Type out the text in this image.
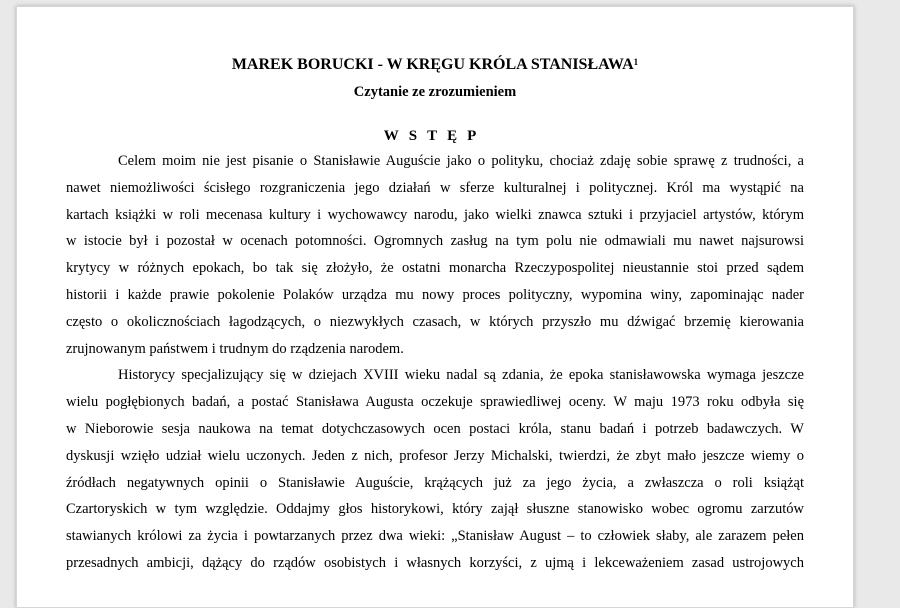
MAREK BORUCKI - W KRĘGU KRÓLA STANISŁAWA$^1$

Czytanie ze zrozumieniem

WSTĘP

Celem moim nie jest pisanie o Stanisławie Auguście jako o polityku, chociaż zdaję sobie sprawę z trudności, a
nawet niemożliwości ścisłego rozgraniczenia jego działań w sferze kulturalnej i politycznej. Król ma wystąpić na
kartach książki w roli mecenasa kultury i wychowawcy narodu, jako wielki znawca sztuki i przyjaciel artystów, którym
w istocie był i pozostał w ocenach potomności. Ogromnych zasług na tym polu nie odmawiali mu nawet najsurowsi
krytycy w różnych epokach, bo tak się złożyło, że ostatni monarcha Rzeczypospolitej nieustannie stoi przed sądem
historii i każde prawie pokolenie Polaków urządza mu nowy proces polityczny, wypomina winy, zapominając nader
często o okolicznościach łagodzących, o niezwykłych czasach, w których przyszło mu dźwigać brzemię kierowania
zrujnowanym państwem i trudnym do rządzenia narodem.
Historycy specjalizujący się w dziejach XVIII wieku nadal są zdania, że epoka stanisławowska wymaga jeszcze
wielu pogłębionych badań, a postać Stanisława Augusta oczekuje sprawiedliwej oceny. W maju 1973 roku odbyła się
w Nieborowie sesja naukowa na temat dotychczasowych ocen postaci króla, stanu badań i potrzeb badawczych. W
dyskusji wzięło udział wielu uczonych. Jeden z nich, profesor Jerzy Michalski, twierdzi, że zbyt mało jeszcze wiemy o
źródłach negatywnych opinii o Stanisławie Auguście, krążących już za jego życia, a zwłaszcza o roli książąt
Czartoryskich w tym względzie. Oddajmy głos historykowi, który zajął słuszne stanowisko wobec ogromu zarzutów
stawianych królowi za życia i powtarzanych przez dwa wieki: „Stanisław August – to człowiek słaby, ale zarazem pełen
przesadnych ambicji, dążący do rządów osobistych i własnych korzyści, z ujmą i lekceważeniem zasad ustrojowych
